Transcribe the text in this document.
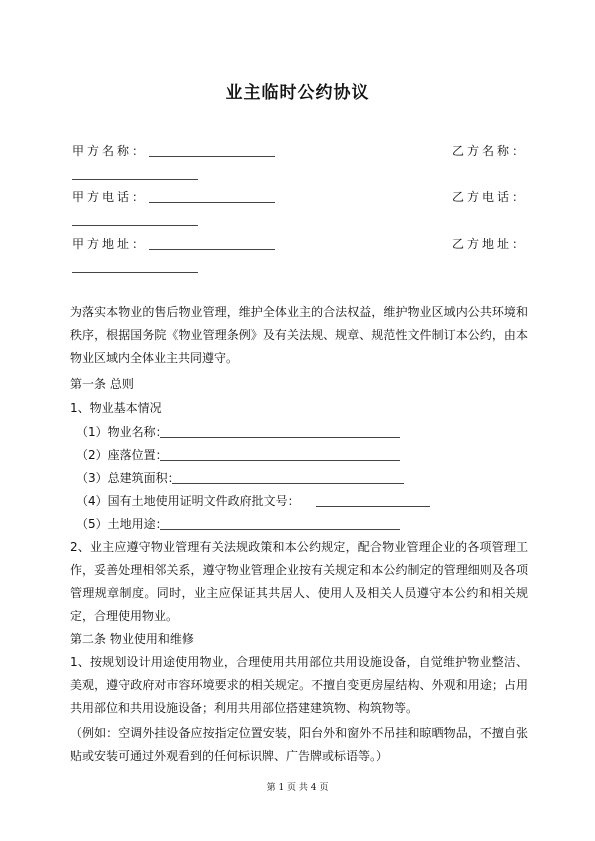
业主临时公约协议
甲方名称：	乙方名称：
甲方电话：	乙方电话：
甲方地址：	乙方地址：
为落实本物业的售后物业管理，维护全体业主的合法权益，维护物业区域内公共环境和秩序，根据国务院《物业管理条例》及有关法规、规章、规范性文件制订本公约，由本物业区域内全体业主共同遵守。
第一条 总则
1、物业基本情况
（1）物业名称：
（2）座落位置：
（3）总建筑面积：
（4）国有土地使用证明文件政府批文号：
（5）土地用途：
2、业主应遵守物业管理有关法规政策和本公约规定，配合物业管理企业的各项管理工作，妥善处理相邻关系，遵守物业管理企业按有关规定和本公约制定的管理细则及各项管理规章制度。同时，业主应保证其共居人、使用人及相关人员遵守本公约和相关规定，合理使用物业。
第二条 物业使用和维修
1、按规划设计用途使用物业，合理使用共用部位共用设施设备，自觉维护物业整洁、美观，遵守政府对市容环境要求的相关规定。不擅自变更房屋结构、外观和用途；占用共用部位和共用设施设备；利用共用部位搭建建筑物、构筑物等。
（例如：空调外挂设备应按指定位置安装，阳台外和窗外不吊挂和晾晒物品，不擅自张贴或安装可通过外观看到的任何标识牌、广告牌或标语等。）
第 1 页 共 4 页
